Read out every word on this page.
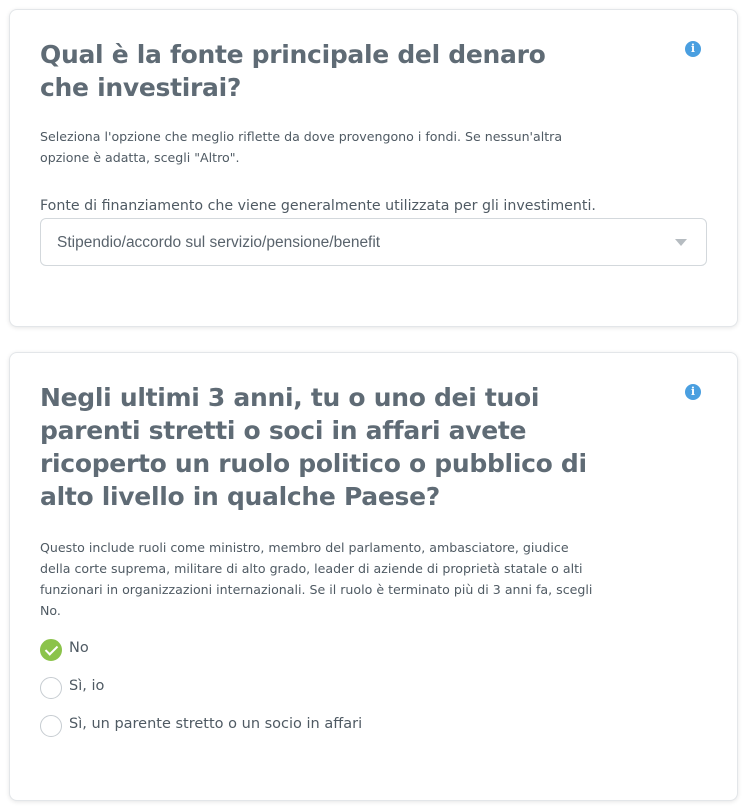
Qual è la fonte principale del denaro che investirai?
i

Seleziona l'opzione che meglio riflette da dove provengono i fondi. Se nessun'altra opzione è adatta, scegli "Altro".

Fonte di finanziamento che viene generalmente utilizzata per gli investimenti.
Stipendio/accordo sul servizio/pensione/benefit
Negli ultimi 3 anni, tu o uno dei tuoi parenti stretti o soci in affari avete ricoperto un ruolo politico o pubblico di alto livello in qualche Paese?
i

Questo include ruoli come ministro, membro del parlamento, ambasciatore, giudice della corte suprema, militare di alto grado, leader di aziende di proprietà statale o alti funzionari in organizzazioni internazionali. Se il ruolo è terminato più di 3 anni fa, scegli No.

No
Sì, io
Sì, un parente stretto o un socio in affari
